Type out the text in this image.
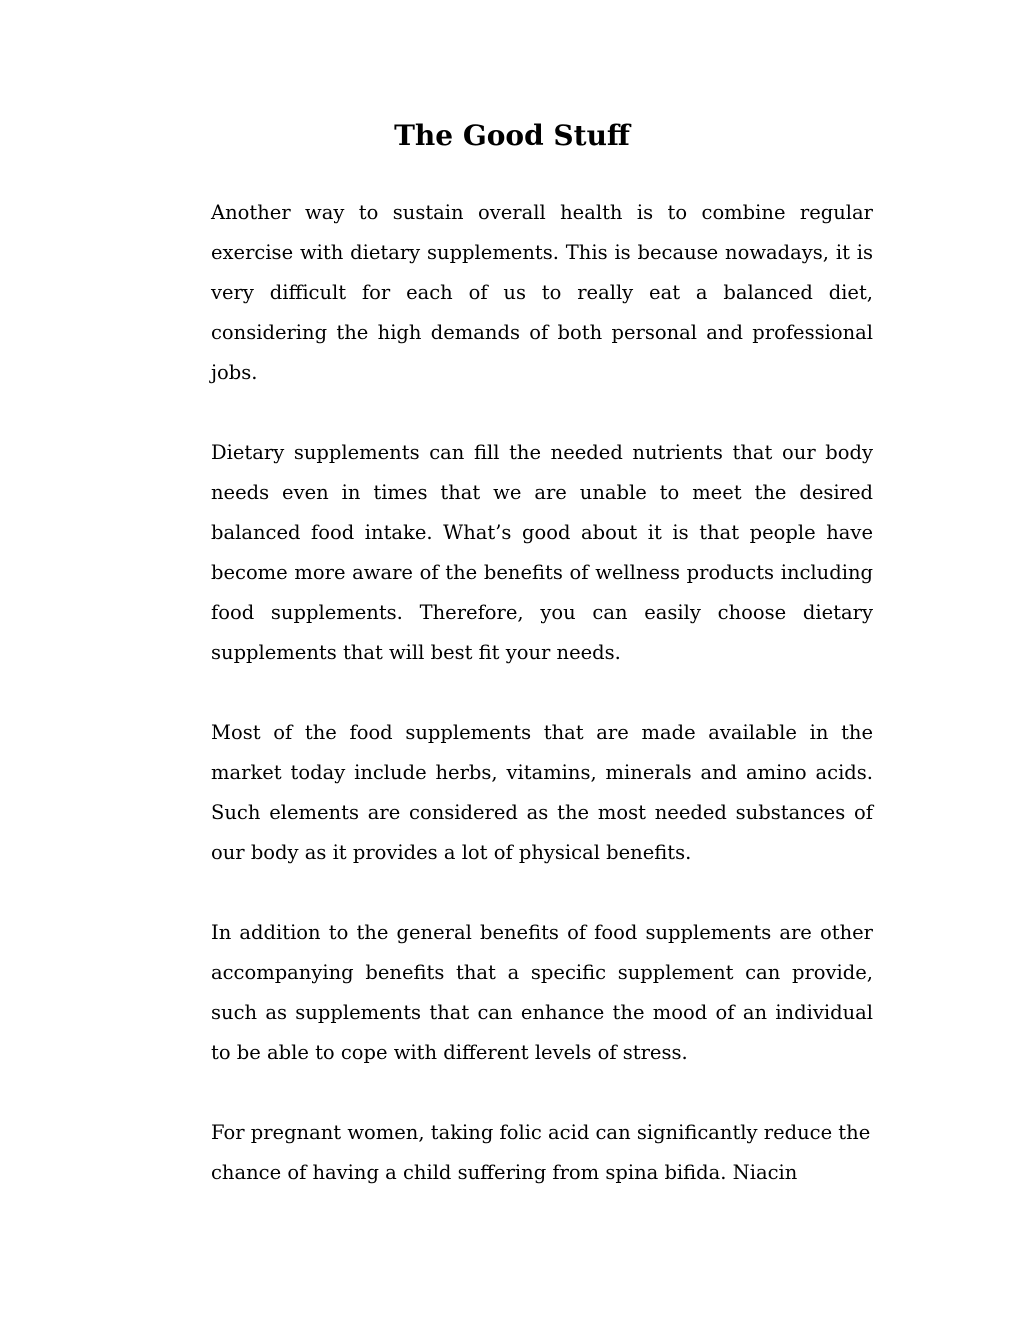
The Good Stuff

Another way to sustain overall health is to combine regular exercise with dietary supplements. This is because nowadays, it is very difficult for each of us to really eat a balanced diet, considering the high demands of both personal and professional jobs.

Dietary supplements can fill the needed nutrients that our body needs even in times that we are unable to meet the desired balanced food intake. What’s good about it is that people have become more aware of the benefits of wellness products including food supplements. Therefore, you can easily choose dietary supplements that will best fit your needs.

Most of the food supplements that are made available in the market today include herbs, vitamins, minerals and amino acids. Such elements are considered as the most needed substances of our body as it provides a lot of physical benefits.

In addition to the general benefits of food supplements are other accompanying benefits that a specific supplement can provide, such as supplements that can enhance the mood of an individual to be able to cope with different levels of stress.

For pregnant women, taking folic acid can significantly reduce the chance of having a child suffering from spina bifida. Niacin
